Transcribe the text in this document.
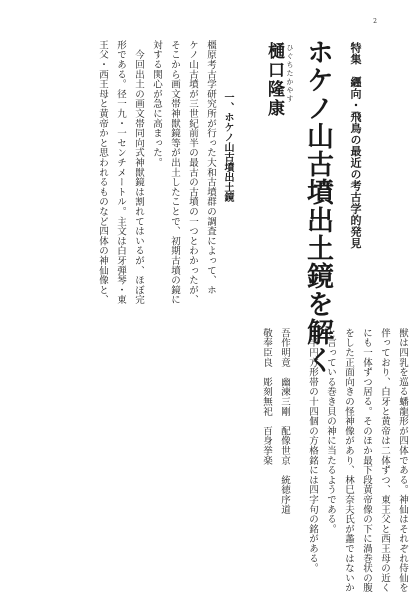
2

特集　纒向・飛鳥の最近の考古学的発見

ホケノ山古墳出土鏡を解く

ひぐちたかやす

樋口隆康

一、ホケノ山古墳出土鏡
橿原考古学研究所が行った大和古墳群の調査によって、ホ
ケノ山古墳が三世紀前半の最古の古墳の一つとわかったが、
そこから画文帯神獣鏡等が出土したことで、初期古墳の鏡に
対する関心が急に高まった。
　今回出土の画文帯同向式神獣鏡は割れてはいるが、ほぼ完
形である。径一九・一センチメートル。主文は白牙弾琴・東
王父・西王母と黄帝かと思われるものなど四体の神仙像と、
獣は四乳を巡る蟠龍形が四体である。神仙はそれぞれ侍仙を
伴っており、白牙と黄帝は二体ずつ、東王父と西王母の近く
にも一体ずつ居る。そのほか最下段黄帝像の下に渦巻状の腹
をした正面向きの怪神像があり、林巳奈夫氏が蠡ではないか
と言っている巻き貝の神に当たるようである。
　半円方形帯の十四個の方格銘には四字句の銘がある。
吾作明竟　幽湅三剛　配像世京　統徳序道
敬奉臣良　彫刻無祀　百身挙楽
